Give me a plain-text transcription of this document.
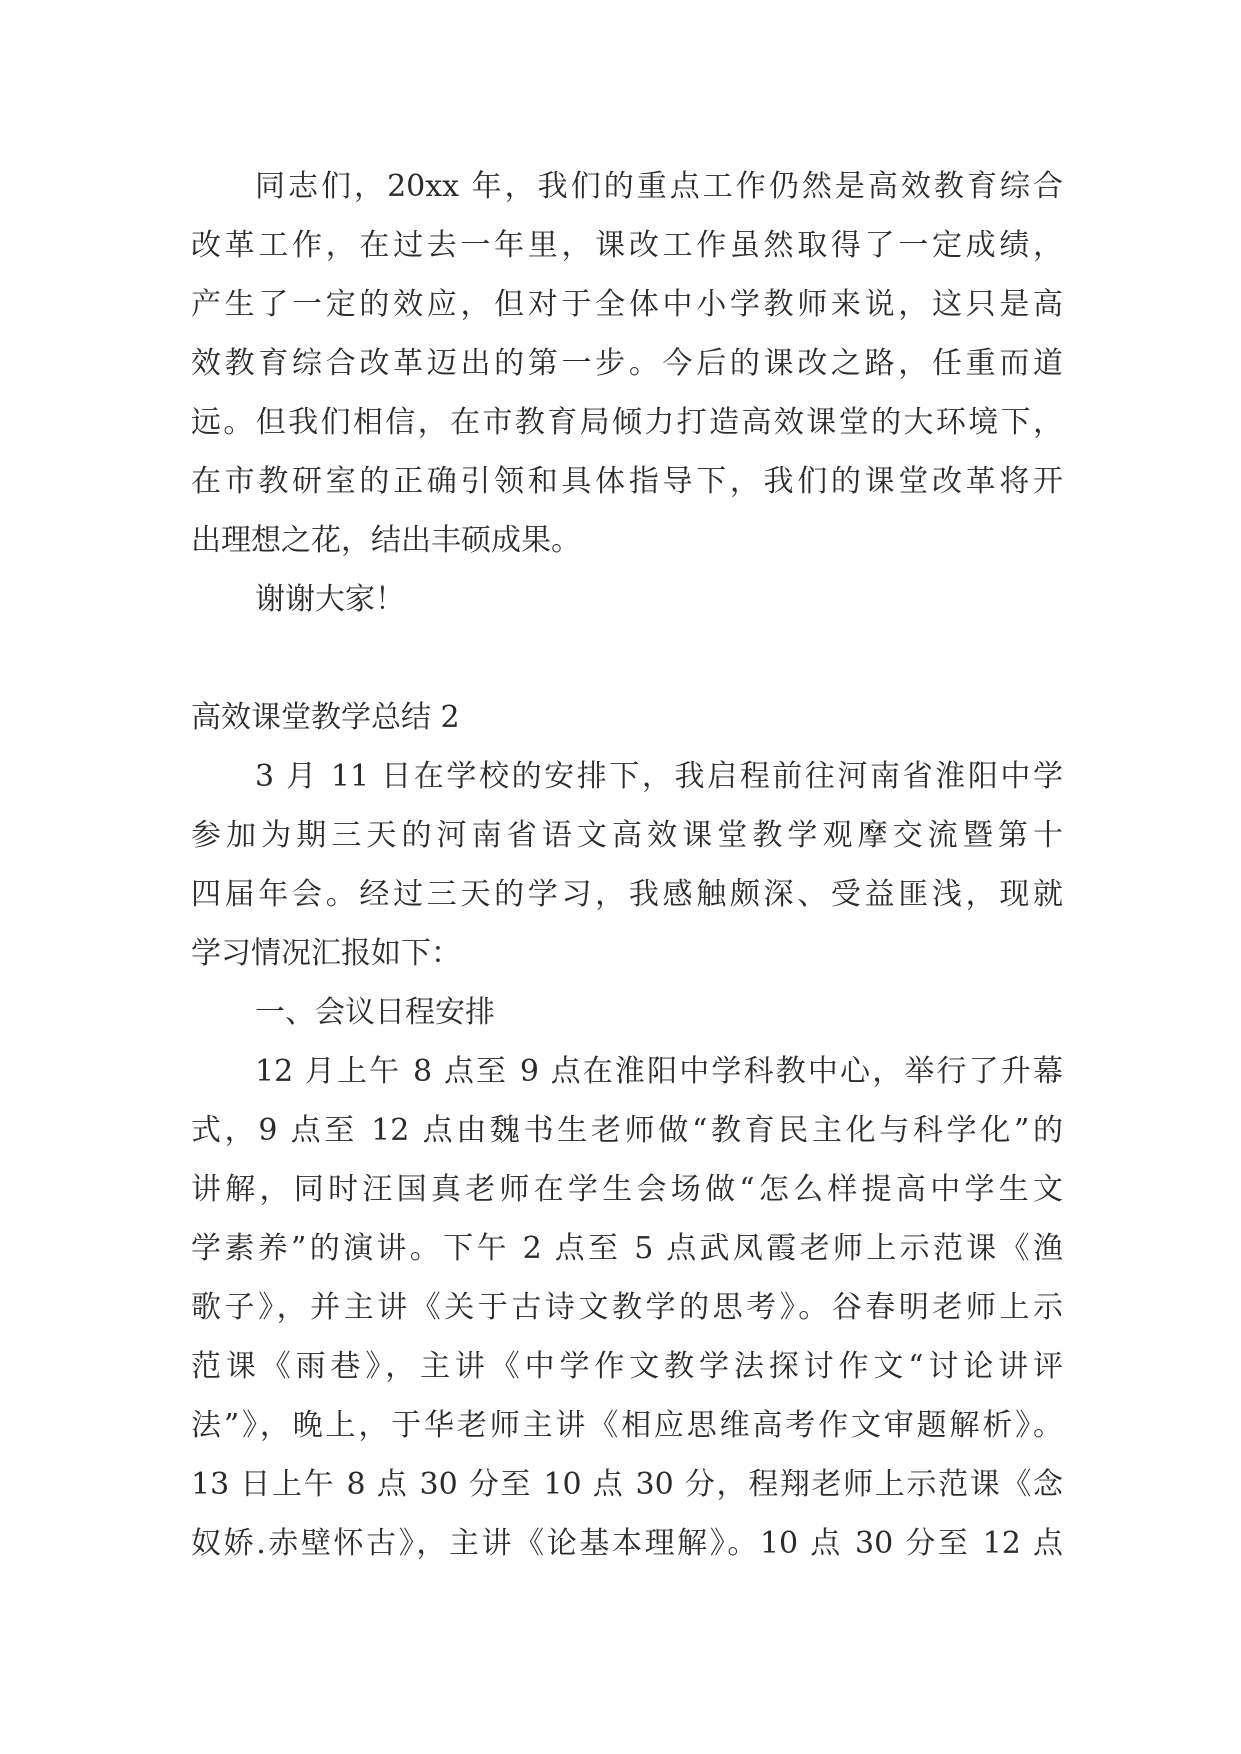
同志们，20xx 年，我们的重点工作仍然是高效教育综合
改革工作，在过去一年里，课改工作虽然取得了一定成绩，
产生了一定的效应，但对于全体中小学教师来说，这只是高
效教育综合改革迈出的第一步。今后的课改之路，任重而道
远。但我们相信，在市教育局倾力打造高效课堂的大环境下，
在市教研室的正确引领和具体指导下，我们的课堂改革将开
出理想之花，结出丰硕成果。
谢谢大家！
高效课堂教学总结 2
3 月 11 日在学校的安排下，我启程前往河南省淮阳中学
参加为期三天的河南省语文高效课堂教学观摩交流暨第十
四届年会。经过三天的学习，我感触颇深、受益匪浅，现就
学习情况汇报如下：
一、会议日程安排
12 月上午 8 点至 9 点在淮阳中学科教中心，举行了升幕
式，9 点至 12 点由魏书生老师做“教育民主化与科学化”的
讲解，同时汪国真老师在学生会场做“怎么样提高中学生文
学素养”的演讲。下午 2 点至 5 点武凤霞老师上示范课《渔
歌子》，并主讲《关于古诗文教学的思考》。谷春明老师上示
范课《雨巷》，主讲《中学作文教学法探讨作文“讨论讲评
法”》，晚上，于华老师主讲《相应思维高考作文审题解析》。
13 日上午 8 点 30 分至 10 点 30 分，程翔老师上示范课《念
奴娇.赤壁怀古》，主讲《论基本理解》。10 点 30 分至 12 点
